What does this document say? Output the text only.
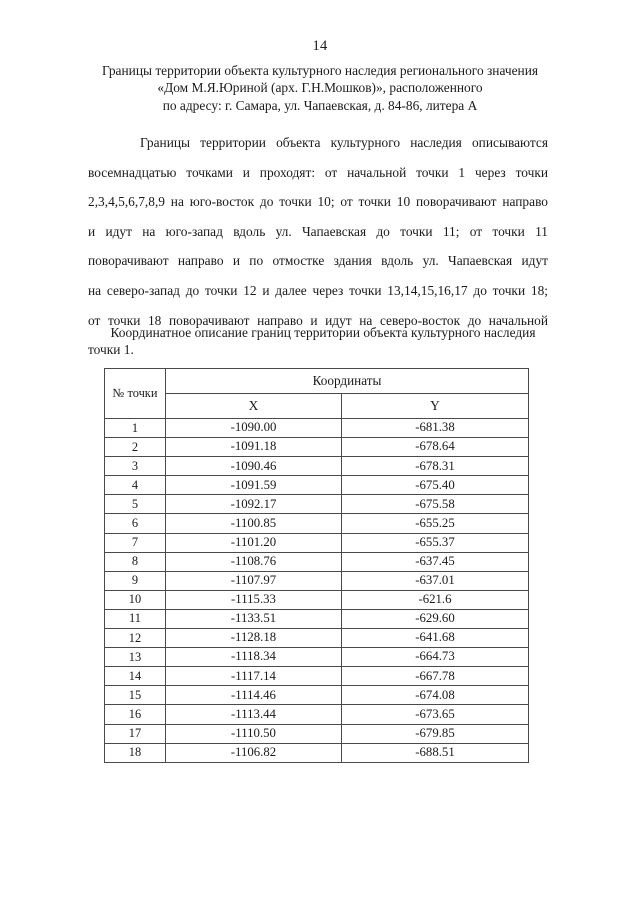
14
Границы территории объекта культурного наследия регионального значения
«Дом М.Я.Юриной (арх. Г.Н.Мошков)», расположенного
по адресу: г. Самара, ул. Чапаевская, д. 84-86, литера А
Границы территории объекта культурного наследия описываются
восемнадцатью точками и проходят: от начальной точки 1 через точки
2,3,4,5,6,7,8,9 на юго-восток до точки 10; от точки 10 поворачивают направо
и идут на юго-запад вдоль ул. Чапаевская до точки 11; от точки 11
поворачивают направо и по отмостке здания вдоль ул. Чапаевская идут
на северо-запад до точки 12 и далее через точки 13,14,15,16,17 до точки 18;
от точки 18 поворачивают направо и идут на северо-восток до начальной
точки 1.
Координатное описание границ территории объекта культурного наследия
№ точки	Координаты	
	X	Y
1	-1090.00	-681.38
2	-1091.18	-678.64
3	-1090.46	-678.31
4	-1091.59	-675.40
5	-1092.17	-675.58
6	-1100.85	-655.25
7	-1101.20	-655.37
8	-1108.76	-637.45
9	-1107.97	-637.01
10	-1115.33	-621.6
11	-1133.51	-629.60
12	-1128.18	-641.68
13	-1118.34	-664.73
14	-1117.14	-667.78
15	-1114.46	-674.08
16	-1113.44	-673.65
17	-1110.50	-679.85
18	-1106.82	-688.51
